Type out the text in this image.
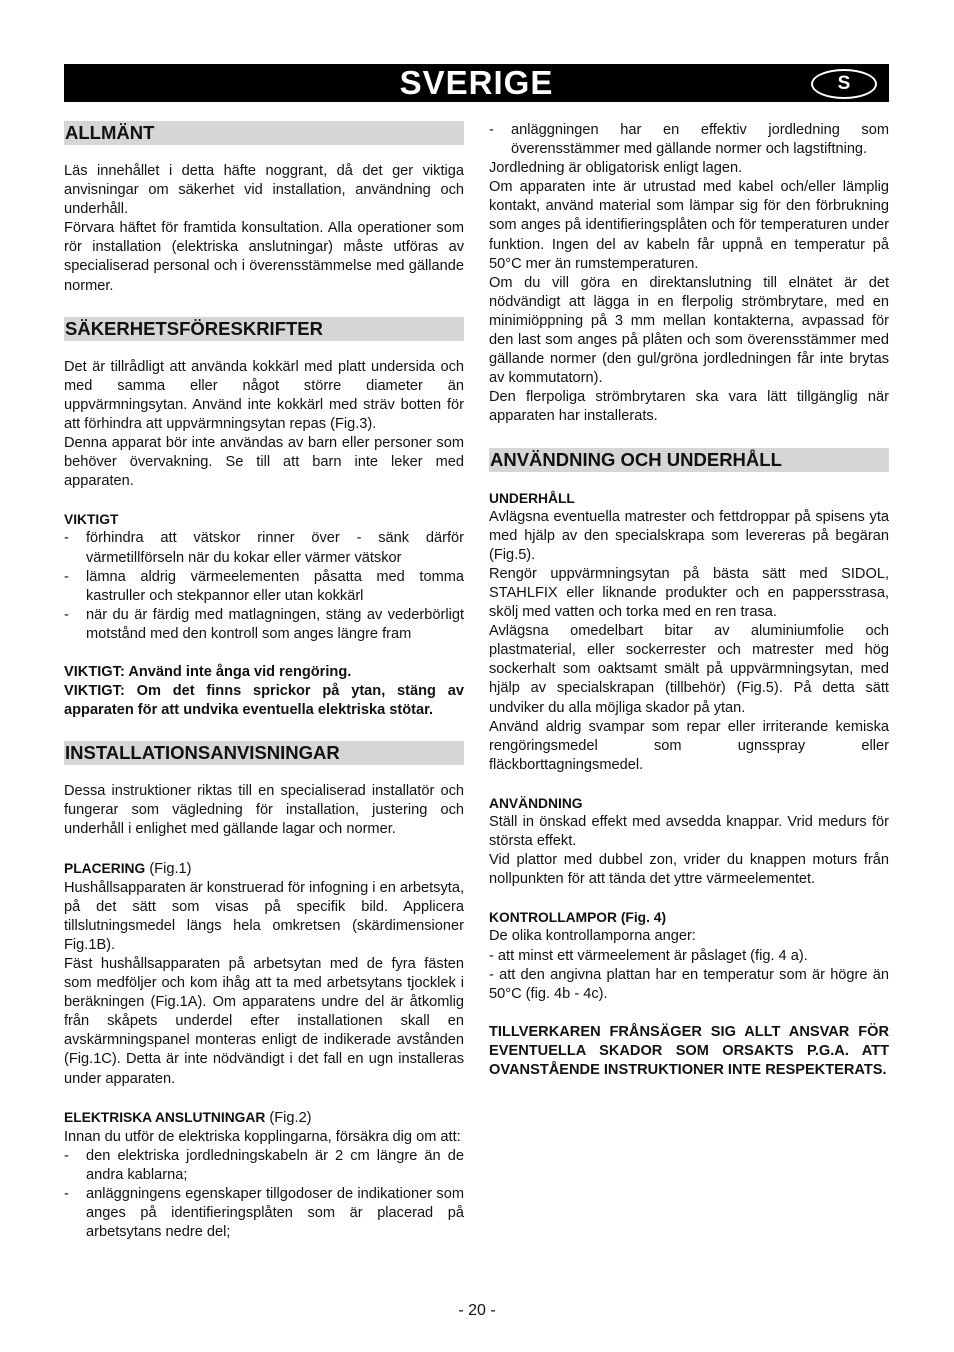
SVERIGE	S
ALLMÄNT

Läs innehållet i detta häfte noggrant, då det ger viktiga anvisningar om säkerhet vid installation, användning och underhåll.

Förvara häftet för framtida konsultation. Alla operationer som rör installation (elektriska anslutningar) måste utföras av specialiserad personal och i överensstämmelse med gällande normer.

SÄKERHETSFÖRESKRIFTER

Det är tillrådligt att använda kokkärl med platt undersida och med samma eller något större diameter än uppvärmningsytan. Använd inte kokkärl med sträv botten för att förhindra att uppvärmningsytan repas (Fig.3).

Denna apparat bör inte användas av barn eller personer som behöver övervakning. Se till att barn inte leker med apparaten.

VIKTIGT
- förhindra att vätskor rinner över - sänk därför värmetillförseln när du kokar eller värmer vätskor
- lämna aldrig värmeelementen påsatta med tomma kastruller och stekpannor eller utan kokkärl
- när du är färdig med matlagningen, stäng av vederbörligt motstånd med den kontroll som anges längre fram

VIKTIGT: Använd inte ånga vid rengöring.

VIKTIGT: Om det finns sprickor på ytan, stäng av apparaten för att undvika eventuella elektriska stötar.

INSTALLATIONSANVISNINGAR

Dessa instruktioner riktas till en specialiserad installatör och fungerar som vägledning för installation, justering och underhåll i enlighet med gällande lagar och normer.

PLACERING (Fig.1)

Hushållsapparaten är konstruerad för infogning i en arbetsyta, på det sätt som visas på specifik bild. Applicera tillslutningsmedel längs hela omkretsen (skärdimensioner Fig.1B).

Fäst hushållsapparaten på arbetsytan med de fyra fästen som medföljer och kom ihåg att ta med arbetsytans tjocklek i beräkningen (Fig.1A). Om apparatens undre del är åtkomlig från skåpets underdel efter installationen skall en avskärmningspanel monteras enligt de indikerade avstånden (Fig.1C). Detta är inte nödvändigt i det fall en ugn installeras under apparaten.

ELEKTRISKA ANSLUTNINGAR (Fig.2)

Innan du utför de elektriska kopplingarna, försäkra dig om att:

- den elektriska jordledningskabeln är 2 cm längre än de andra kablarna;
- anläggningens egenskaper tillgodoser de indikationer som anges på identifieringsplåten som är placerad på arbetsytans nedre del;
- anläggningen har en effektiv jordledning som överensstämmer med gällande normer och lagstiftning.

Jordledning är obligatorisk enligt lagen.

Om apparaten inte är utrustad med kabel och/eller lämplig kontakt, använd material som lämpar sig för den förbrukning som anges på identifieringsplåten och för temperaturen under funktion. Ingen del av kabeln får uppnå en temperatur på 50°C mer än rumstemperaturen.

Om du vill göra en direktanslutning till elnätet är det nödvändigt att lägga in en flerpolig strömbrytare, med en minimiöppning på 3 mm mellan kontakterna, avpassad för den last som anges på plåten och som överensstämmer med gällande normer (den gul/gröna jordledningen får inte brytas av kommutatorn).

Den flerpoliga strömbrytaren ska vara lätt tillgänglig när apparaten har installerats.

ANVÄNDNING OCH UNDERHÅLL
UNDERHÅLL

Avlägsna eventuella matrester och fettdroppar på spisens yta med hjälp av den specialskrapa som levereras på begäran (Fig.5).

Rengör uppvärmningsytan på bästa sätt med SIDOL, STAHLFIX eller liknande produkter och en pappersstrasa, skölj med vatten och torka med en ren trasa.

Avlägsna omedelbart bitar av aluminiumfolie och plastmaterial, eller sockerrester och matrester med hög sockerhalt som oaktsamt smält på uppvärmningsytan, med hjälp av specialskrapan (tillbehör) (Fig.5). På detta sätt undviker du alla möjliga skador på ytan.

Använd aldrig svampar som repar eller irriterande kemiska rengöringsmedel som ugnsspray eller fläckborttagningsmedel.

ANVÄNDNING

Ställ in önskad effekt med avsedda knappar. Vrid medurs för största effekt.

Vid plattor med dubbel zon, vrider du knappen moturs från nollpunkten för att tända det yttre värmeelementet.

KONTROLLAMPOR (Fig. 4)

De olika kontrollamporna anger:

- att minst ett värmeelement är påslaget (fig. 4 a).

- att den angivna plattan har en temperatur som är högre än 50°C (fig. 4b - 4c).

TILLVERKAREN FRÅNSÄGER SIG ALLT ANSVAR FÖR EVENTUELLA SKADOR SOM ORSAKTS P.G.A. ATT OVANSTÅENDE INSTRUKTIONER INTE RESPEKTERATS.

- 20 -
